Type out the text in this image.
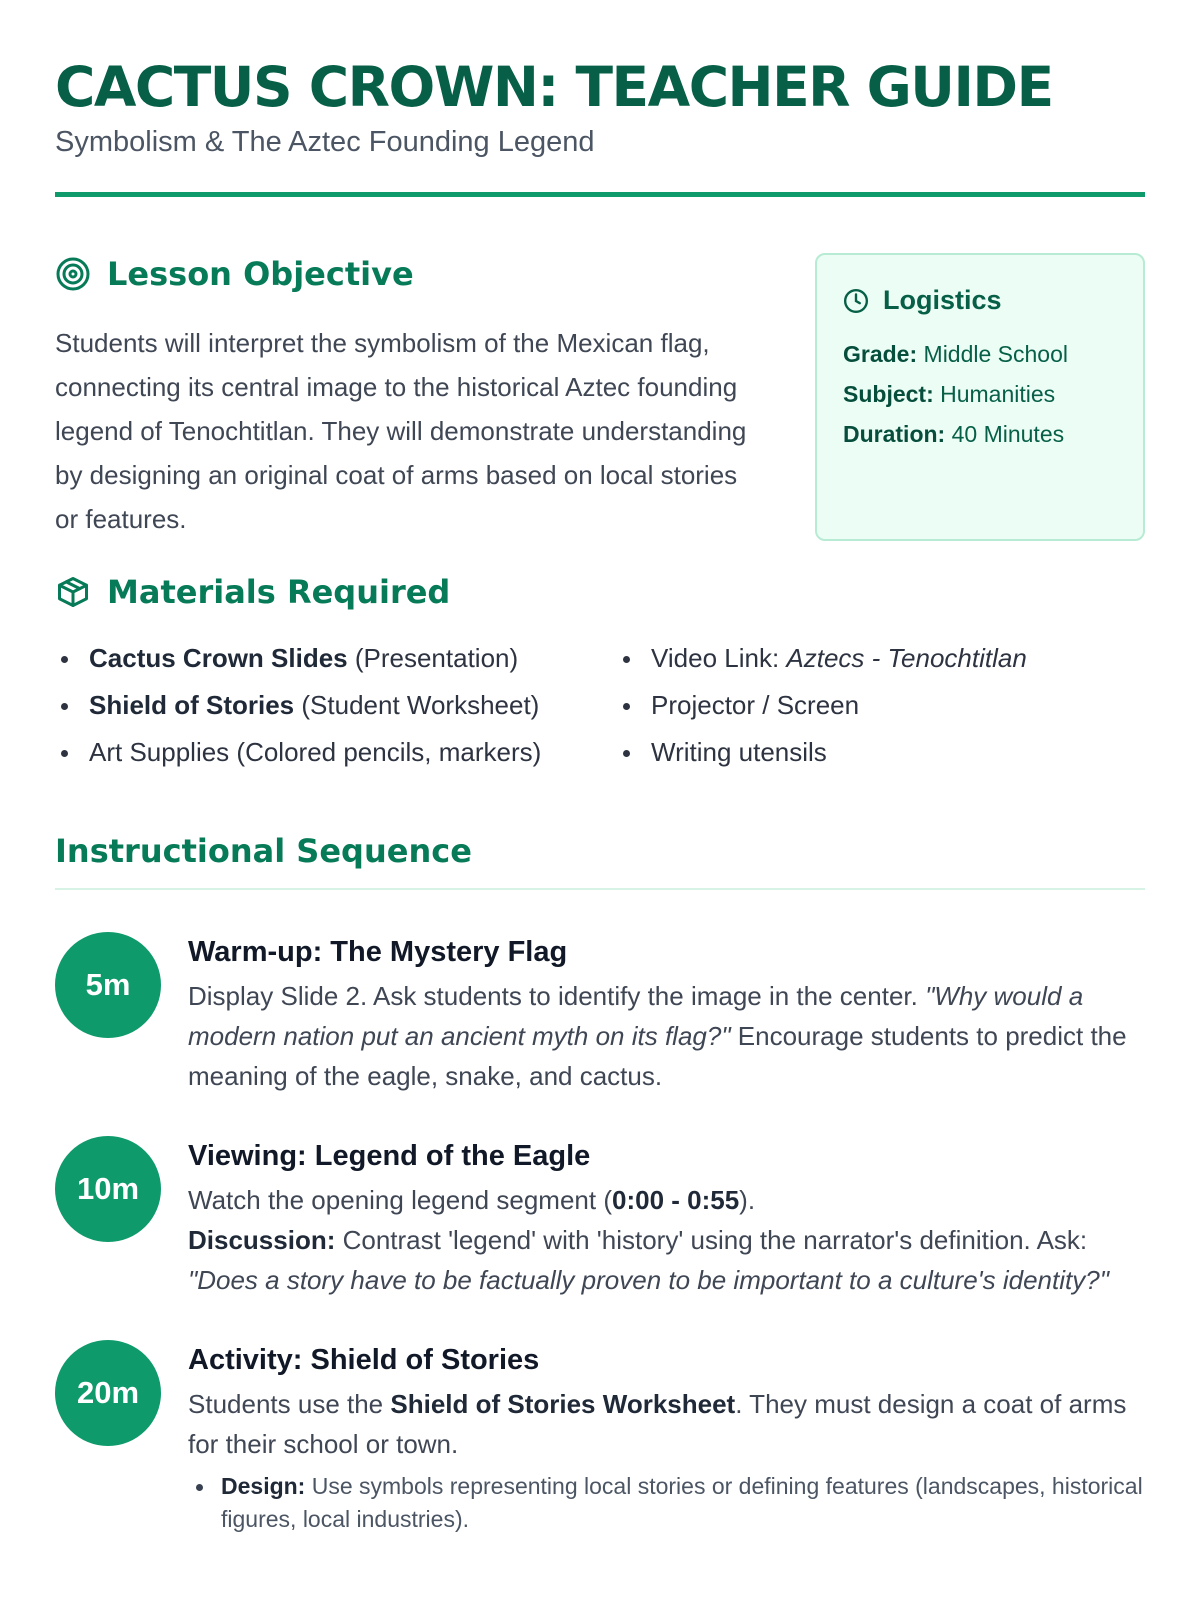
CACTUS CROWN: TEACHER GUIDE

Symbolism & The Aztec Founding Legend

Lesson Objective

Students will interpret the symbolism of the Mexican flag, connecting its central image to the historical Aztec founding legend of Tenochtitlan. They will demonstrate understanding by designing an original coat of arms based on local stories or features.

Logistics
Grade: Middle School
Subject: Humanities
Duration: 40 Minutes
Materials Required
Cactus Crown Slides (Presentation)
Shield of Stories (Student Worksheet)
Art Supplies (Colored pencils, markers)
Video Link: Aztecs - Tenochtitlan
Projector / Screen
Writing utensils
Instructional Sequence
5m
Warm-up: The Mystery Flag

Display Slide 2. Ask students to identify the image in the center. "Why would a modern nation put an ancient myth on its flag?" Encourage students to predict the meaning of the eagle, snake, and cactus.

10m
Viewing: Legend of the Eagle

Watch the opening legend segment (0:00 - 0:55).
Discussion: Contrast 'legend' with 'history' using the narrator's definition. Ask: "Does a story have to be factually proven to be important to a culture's identity?"

20m
Activity: Shield of Stories

Students use the Shield of Stories Worksheet. They must design a coat of arms for their school or town.

Design: Use symbols representing local stories or defining features (landscapes, historical figures, local industries).
